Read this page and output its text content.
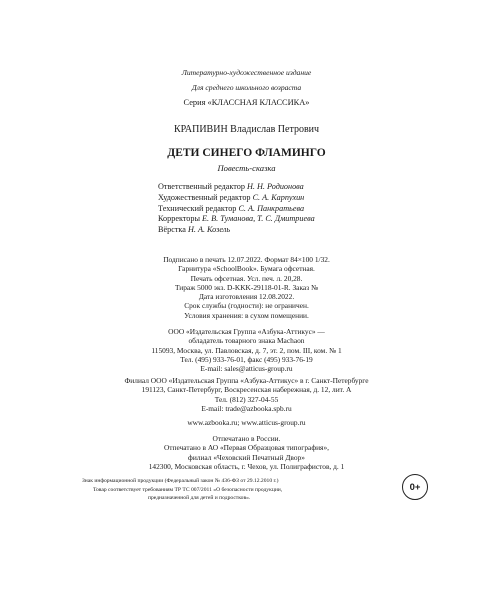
Литературно-художественное издание
Для среднего школьного возраста
Серия «КЛАССНАЯ КЛАССИКА»
КРАПИВИН Владислав Петрович
ДЕТИ СИНЕГО ФЛАМИНГО
Повесть-сказка
Ответственный редактор Н. Н. Родионова
Художественный редактор С. А. Карпухин
Технический редактор С. А. Панкратьева
Корректоры Е. В. Туманова, Т. С. Дмитриева
Вёрстка Н. А. Козель
Подписано в печать 12.07.2022. Формат 84×100 1/32.
Гарнитура «SchoolBook». Бумага офсетная.
Печать офсетная. Усл. печ. л. 20,28.
Тираж 5000 экз. D-KKK-29118-01-R. Заказ №
Дата изготовления 12.08.2022.
Срок службы (годности): не ограничен.
Условия хранения: в сухом помещении.
ООО «Издательская Группа «Азбука-Аттикус» —
обладатель товарного знака Machaon
115093, Москва, ул. Павловская, д. 7, эт. 2, пом. III, ком. № 1
Тел. (495) 933-76-01, факс (495) 933-76-19
E-mail: sales@atticus-group.ru
Филиал ООО «Издательская Группа «Азбука-Аттикус» в г. Санкт-Петербурге
191123, Санкт-Петербург, Воскресенская набережная, д. 12, лит. А
Тел. (812) 327-04-55
E-mail: trade@azbooka.spb.ru
www.azbooka.ru; www.atticus-group.ru
Отпечатано в России.
Отпечатано в АО «Первая Образцовая типография»,
филиал «Чеховский Печатный Двор»
142300, Московская область, г. Чехов, ул. Полиграфистов, д. 1
Знак информационной продукции (Федеральный закон № 436-ФЗ от 29.12.2010 г.)
Товар соответствует требованиям ТР ТС 007/2011 «О безопасности продукции,
предназначенной для детей и подростков».
0+
